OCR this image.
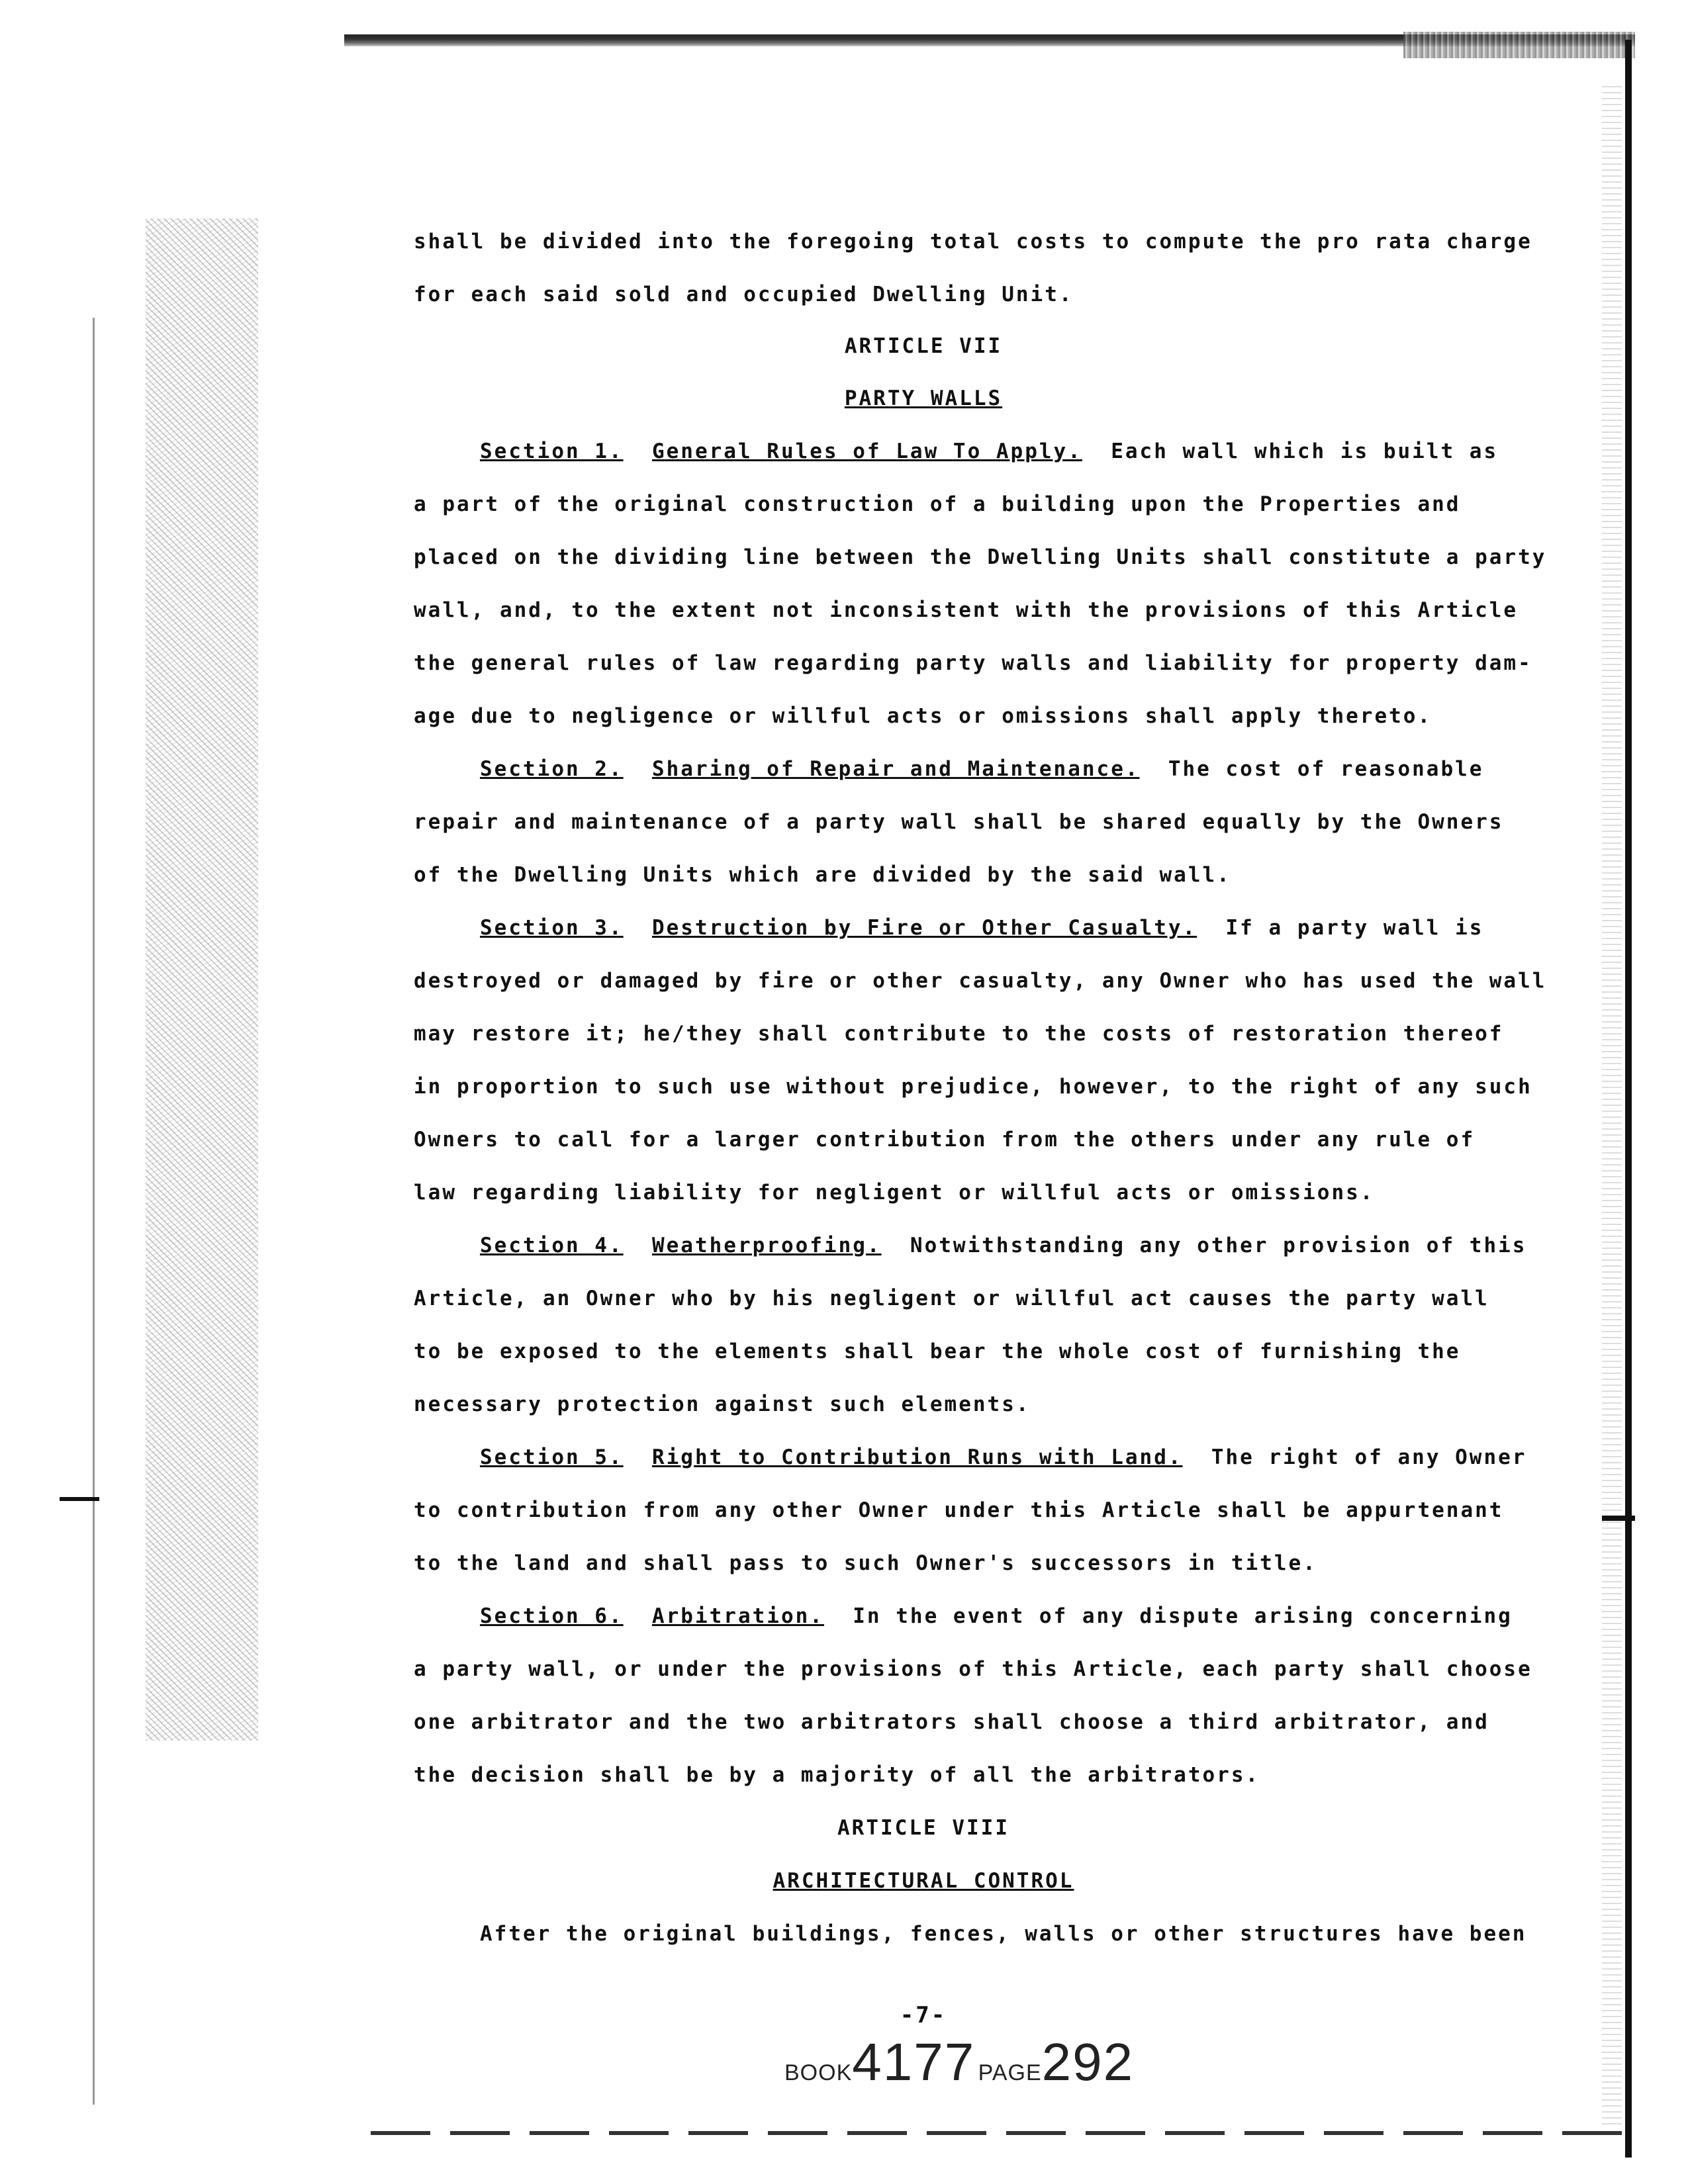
shall be divided into the foregoing total costs to compute the pro rata charge

for each said sold and occupied Dwelling Unit.

ARTICLE VII

PARTY WALLS

Section 1. General Rules of Law To Apply. Each wall which is built as

a part of the original construction of a building upon the Properties and

placed on the dividing line between the Dwelling Units shall constitute a party

wall, and, to the extent not inconsistent with the provisions of this Article

the general rules of law regarding party walls and liability for property dam-

age due to negligence or willful acts or omissions shall apply thereto.

Section 2. Sharing of Repair and Maintenance. The cost of reasonable

repair and maintenance of a party wall shall be shared equally by the Owners

of the Dwelling Units which are divided by the said wall.

Section 3. Destruction by Fire or Other Casualty. If a party wall is

destroyed or damaged by fire or other casualty, any Owner who has used the wall

may restore it; he/they shall contribute to the costs of restoration thereof

in proportion to such use without prejudice, however, to the right of any such

Owners to call for a larger contribution from the others under any rule of

law regarding liability for negligent or willful acts or omissions.

Section 4. Weatherproofing. Notwithstanding any other provision of this

Article, an Owner who by his negligent or willful act causes the party wall

to be exposed to the elements shall bear the whole cost of furnishing the

necessary protection against such elements.

Section 5. Right to Contribution Runs with Land. The right of any Owner

to contribution from any other Owner under this Article shall be appurtenant

to the land and shall pass to such Owner's successors in title.

Section 6. Arbitration. In the event of any dispute arising concerning

a party wall, or under the provisions of this Article, each party shall choose

one arbitrator and the two arbitrators shall choose a third arbitrator, and

the decision shall be by a majority of all the arbitrators.

ARTICLE VIII

ARCHITECTURAL CONTROL

After the original buildings, fences, walls or other structures have been

-7-
BOOK4177 PAGE292
